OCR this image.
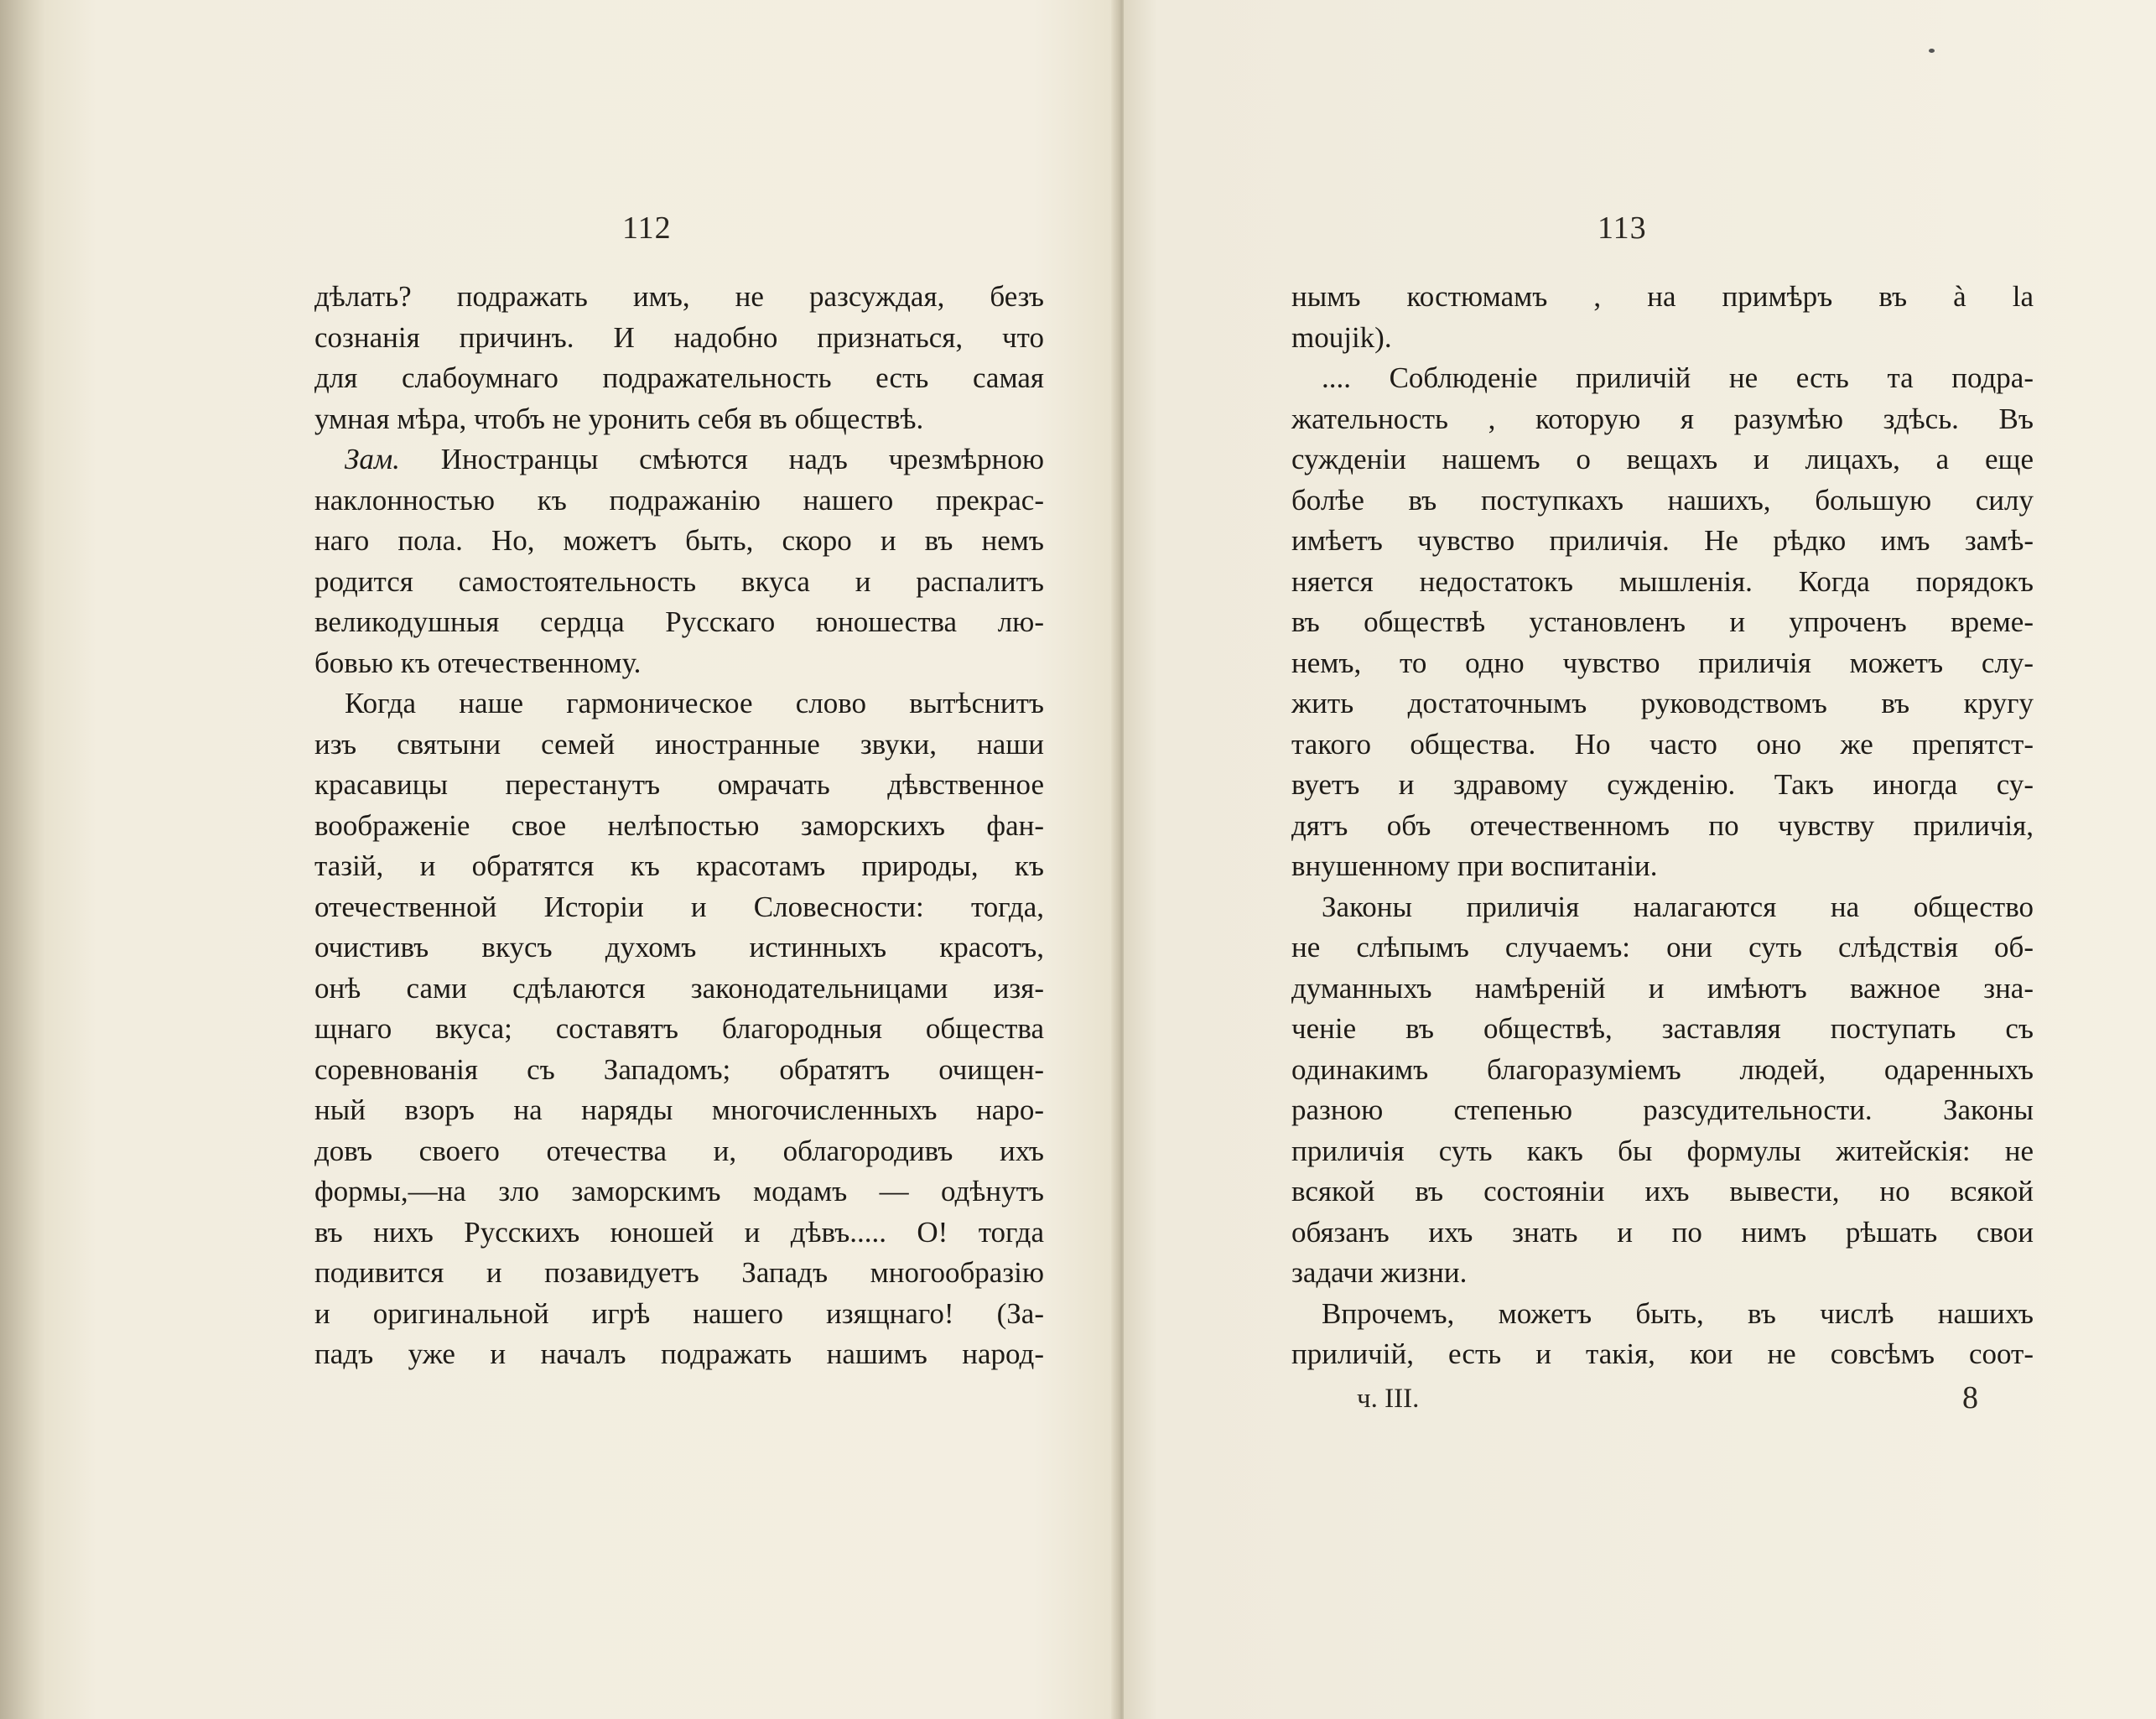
112
дѣлать? подражать имъ, не разсуждая, безъ
сознанія причинъ. И надобно признаться, что
для слабоумнаго подражательность есть самая
умная мѣра, чтобъ не уронить себя въ обществѣ.
Зам. Иностранцы смѣются надъ чрезмѣрною
наклонностью къ подражанію нашего прекрас-
наго пола. Но, можетъ быть, скоро и въ немъ
родится самостоятельность вкуса и распалитъ
великодушныя сердца Русскаго юношества лю-
бовью къ отечественному.
Когда наше гармоническое слово вытѣснитъ
изъ святыни семей иностранные звуки, наши
красавицы перестанутъ омрачать дѣвственное
воображеніе свое нелѣпостью заморскихъ фан-
тазій, и обратятся къ красотамъ природы, къ
отечественной Исторіи и Словесности: тогда,
очистивъ вкусъ духомъ истинныхъ красотъ,
онѣ сами сдѣлаются законодательницами изя-
щнаго вкуса; составятъ благородныя общества
соревнованія съ Западомъ; обратятъ очищен-
ный взоръ на наряды многочисленныхъ наро-
довъ своего отечества и, облагородивъ ихъ
формы,—на зло заморскимъ модамъ — одѣнутъ
въ нихъ Русскихъ юношей и дѣвъ..... О! тогда
подивится и позавидуетъ Западъ многообразію
и оригинальной игрѣ нашего изящнаго! (За-
падъ уже и началъ подражать нашимъ народ-
113
нымъ костюмамъ , на примѣръ въ à la
moujik).
.... Соблюденіе приличій не есть та подра-
жательность , которую я разумѣю здѣсь. Въ
сужденіи нашемъ о вещахъ и лицахъ, а еще
болѣе въ поступкахъ нашихъ, большую силу
имѣетъ чувство приличія. Не рѣдко имъ замѣ-
няется недостатокъ мышленія. Когда порядокъ
въ обществѣ установленъ и упроченъ време-
немъ, то одно чувство приличія можетъ слу-
жить достаточнымъ руководствомъ въ кругу
такого общества. Но часто оно же препятст-
вуетъ и здравому сужденію. Такъ иногда су-
дятъ объ отечественномъ по чувству приличія,
внушенному при воспитаніи.
Законы приличія налагаются на общество
не слѣпымъ случаемъ: они суть слѣдствія об-
думанныхъ намѣреній и имѣютъ важное зна-
ченіе въ обществѣ, заставляя поступать съ
одинакимъ благоразуміемъ людей, одаренныхъ
разною степенью разсудительности. Законы
приличія суть какъ бы формулы житейскія: не
всякой въ состояніи ихъ вывести, но всякой
обязанъ ихъ знать и по нимъ рѣшать свои
задачи жизни.
Впрочемъ, можетъ быть, въ числѣ нашихъ
приличій, есть и такія, кои не совсѣмъ соот-
ч. III.	8
